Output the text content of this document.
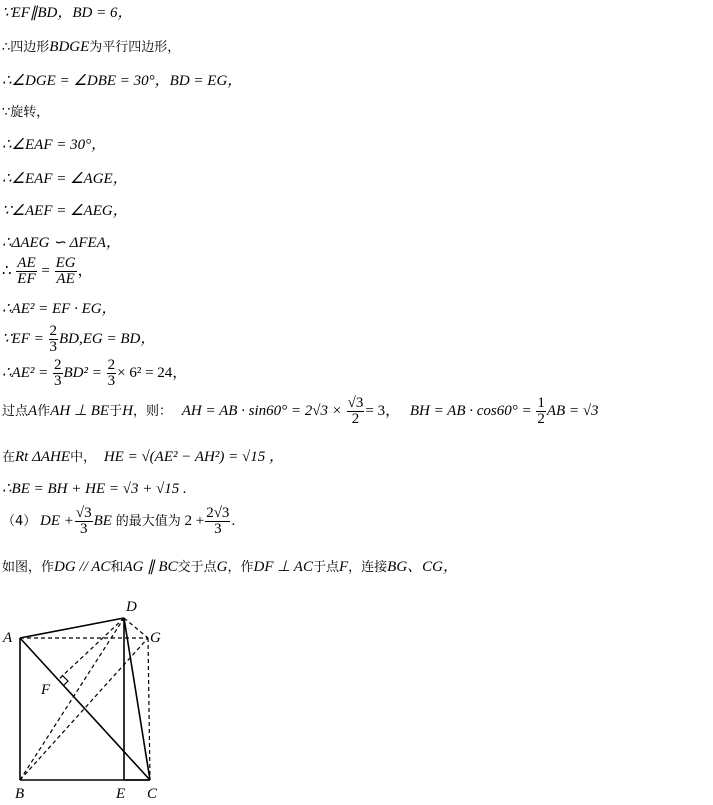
∵EF∥BD，BD = 6，
∴四边形BDGE为平行四边形，
∴∠DGE = ∠DBE = 30°，BD = EG，
∵旋转，
∴∠EAF = 30°，
∴∠EAF = ∠AGE，
∵∠AEF = ∠AEG，
∴ΔAEG ∽ ΔFEA，
∴ $\frac{AE}{EF} = \frac{EG}{AE}$ ，
∴AE² = EF · EG，
∵EF = $\frac{2}{3} BD,EG$ = BD，
∴AE² = $\frac{2}{3} BD^2 = \frac{2}{3} \times 6^2 = 24$，
过点A作AH ⊥ BE于H，则： AH = AB · $\sin 60^\circ = 2√3 \times \frac{√3}{2} = 3$， BH = AB · $\cos 60^\circ = \frac{1}{2}$ AB = √3
在Rt ΔAHE中， HE = √(AE² − AH²) = √15 ，
∴BE = BH + HE = √3 + √15 .
（4） DE + $\frac{√3}{3}$ BE 的最大值为 $2 + \frac{2√3}{3}$ .
如图，作DG // AC和AG ∥ BC交于点G，作DF ⊥ AC于点F，连接BG、CG，
A
B	C
D
E
F
G
